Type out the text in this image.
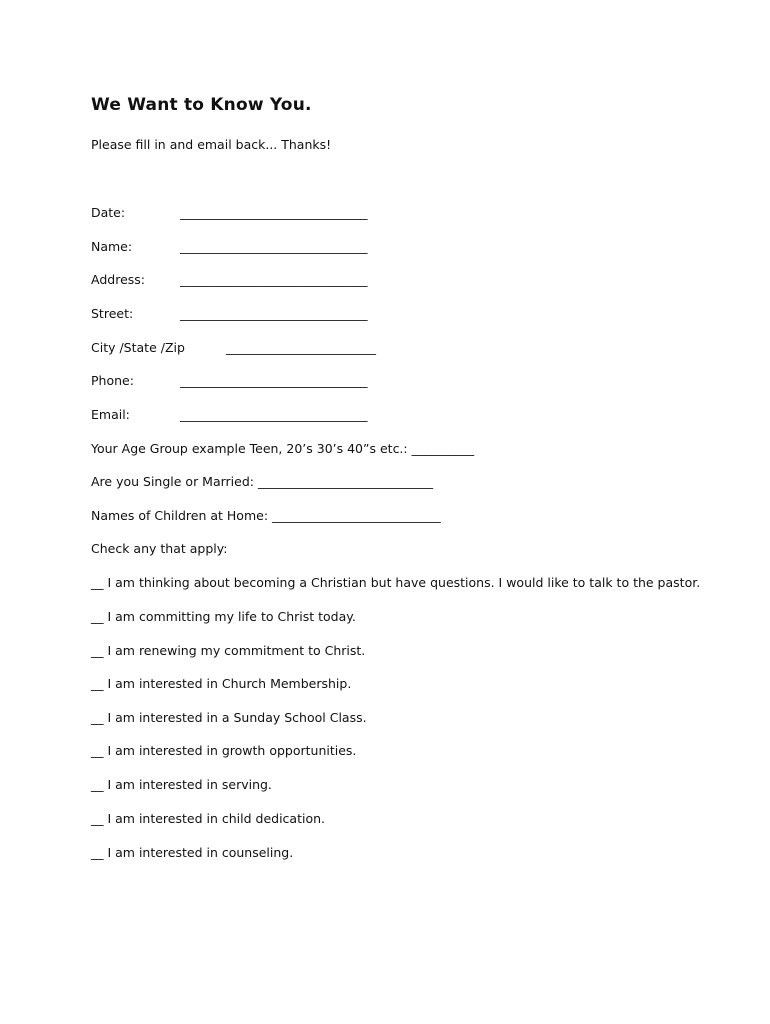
We Want to Know You.
Please fill in and email back... Thanks!
Date:	______________________________
Name:	______________________________
Address:	______________________________
Street:	______________________________
City /State /Zip	________________________
Phone:	______________________________
Email:	______________________________
Your Age Group example Teen, 20’s 30’s 40”s etc.: __________
Are you Single or Married: ____________________________
Names of Children at Home: ___________________________
Check any that apply:
__ I am thinking about becoming a Christian but have questions. I would like to talk to the pastor.
__ I am committing my life to Christ today.
__ I am renewing my commitment to Christ.
__ I am interested in Church Membership.
__ I am interested in a Sunday School Class.
__ I am interested in growth opportunities.
__ I am interested in serving.
__ I am interested in child dedication.
__ I am interested in counseling.
